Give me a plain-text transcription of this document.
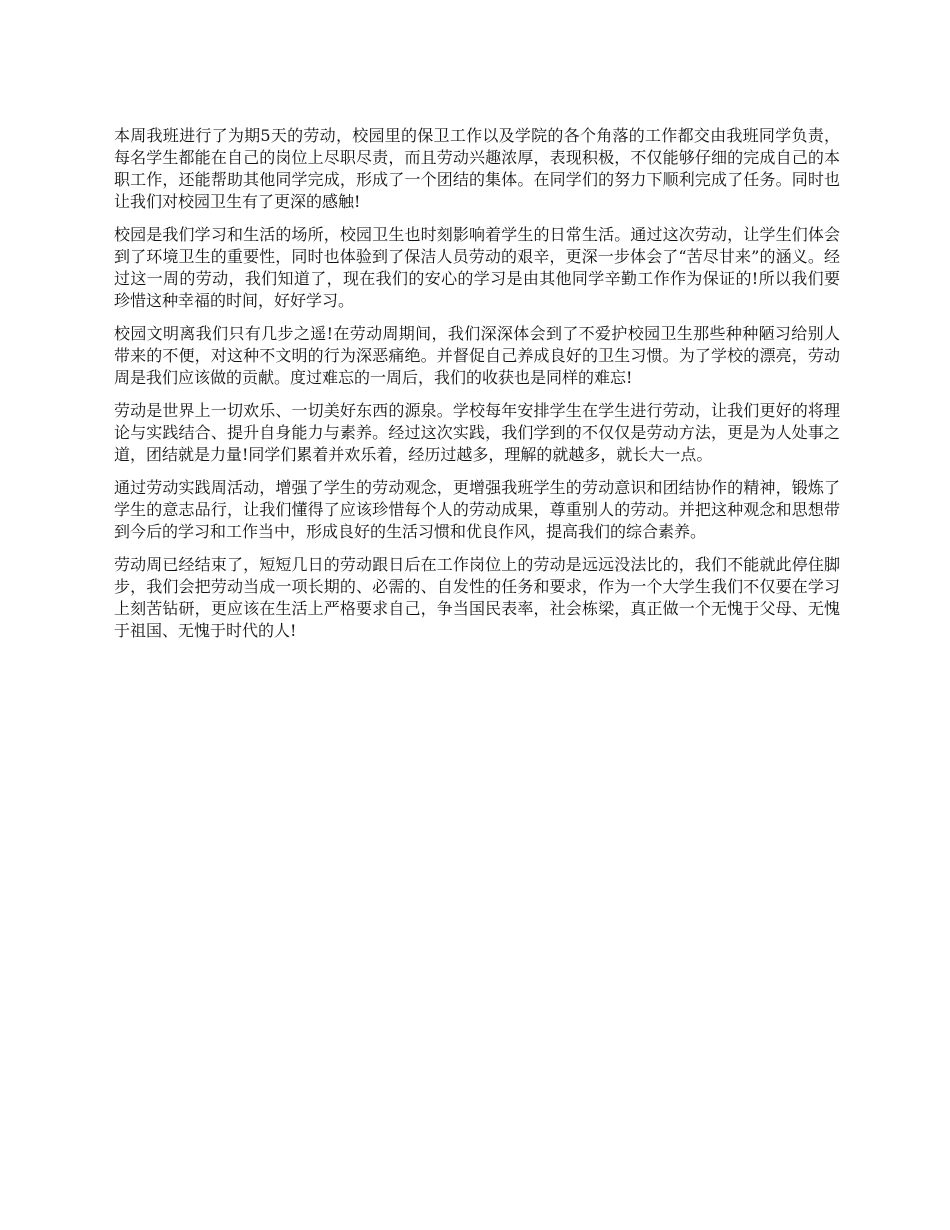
本周我班进行了为期5天的劳动，校园里的保卫工作以及学院的各个角落的工作都交由我班同学负责，每名学生都能在自己的岗位上尽职尽责，而且劳动兴趣浓厚，表现积极，不仅能够仔细的完成自己的本职工作，还能帮助其他同学完成，形成了一个团结的集体。在同学们的努力下顺利完成了任务。同时也让我们对校园卫生有了更深的感触!

校园是我们学习和生活的场所，校园卫生也时刻影响着学生的日常生活。通过这次劳动，让学生们体会到了环境卫生的重要性，同时也体验到了保洁人员劳动的艰辛，更深一步体会了“苦尽甘来”的涵义。经过这一周的劳动，我们知道了，现在我们的安心的学习是由其他同学辛勤工作作为保证的!所以我们要珍惜这种幸福的时间，好好学习。

校园文明离我们只有几步之遥!在劳动周期间，我们深深体会到了不爱护校园卫生那些种种陋习给别人带来的不便，对这种不文明的行为深恶痛绝。并督促自己养成良好的卫生习惯。为了学校的漂亮，劳动周是我们应该做的贡献。度过难忘的一周后，我们的收获也是同样的难忘!

劳动是世界上一切欢乐、一切美好东西的源泉。学校每年安排学生在学生进行劳动，让我们更好的将理论与实践结合、提升自身能力与素养。经过这次实践，我们学到的不仅仅是劳动方法，更是为人处事之道，团结就是力量!同学们累着并欢乐着，经历过越多，理解的就越多，就长大一点。

通过劳动实践周活动，增强了学生的劳动观念，更增强我班学生的劳动意识和团结协作的精神，锻炼了学生的意志品行，让我们懂得了应该珍惜每个人的劳动成果，尊重别人的劳动。并把这种观念和思想带到今后的学习和工作当中，形成良好的生活习惯和优良作风，提高我们的综合素养。

劳动周已经结束了，短短几日的劳动跟日后在工作岗位上的劳动是远远没法比的，我们不能就此停住脚步，我们会把劳动当成一项长期的、必需的、自发性的任务和要求，作为一个大学生我们不仅要在学习上刻苦钻研，更应该在生活上严格要求自己，争当国民表率，社会栋梁，真正做一个无愧于父母、无愧于祖国、无愧于时代的人!
